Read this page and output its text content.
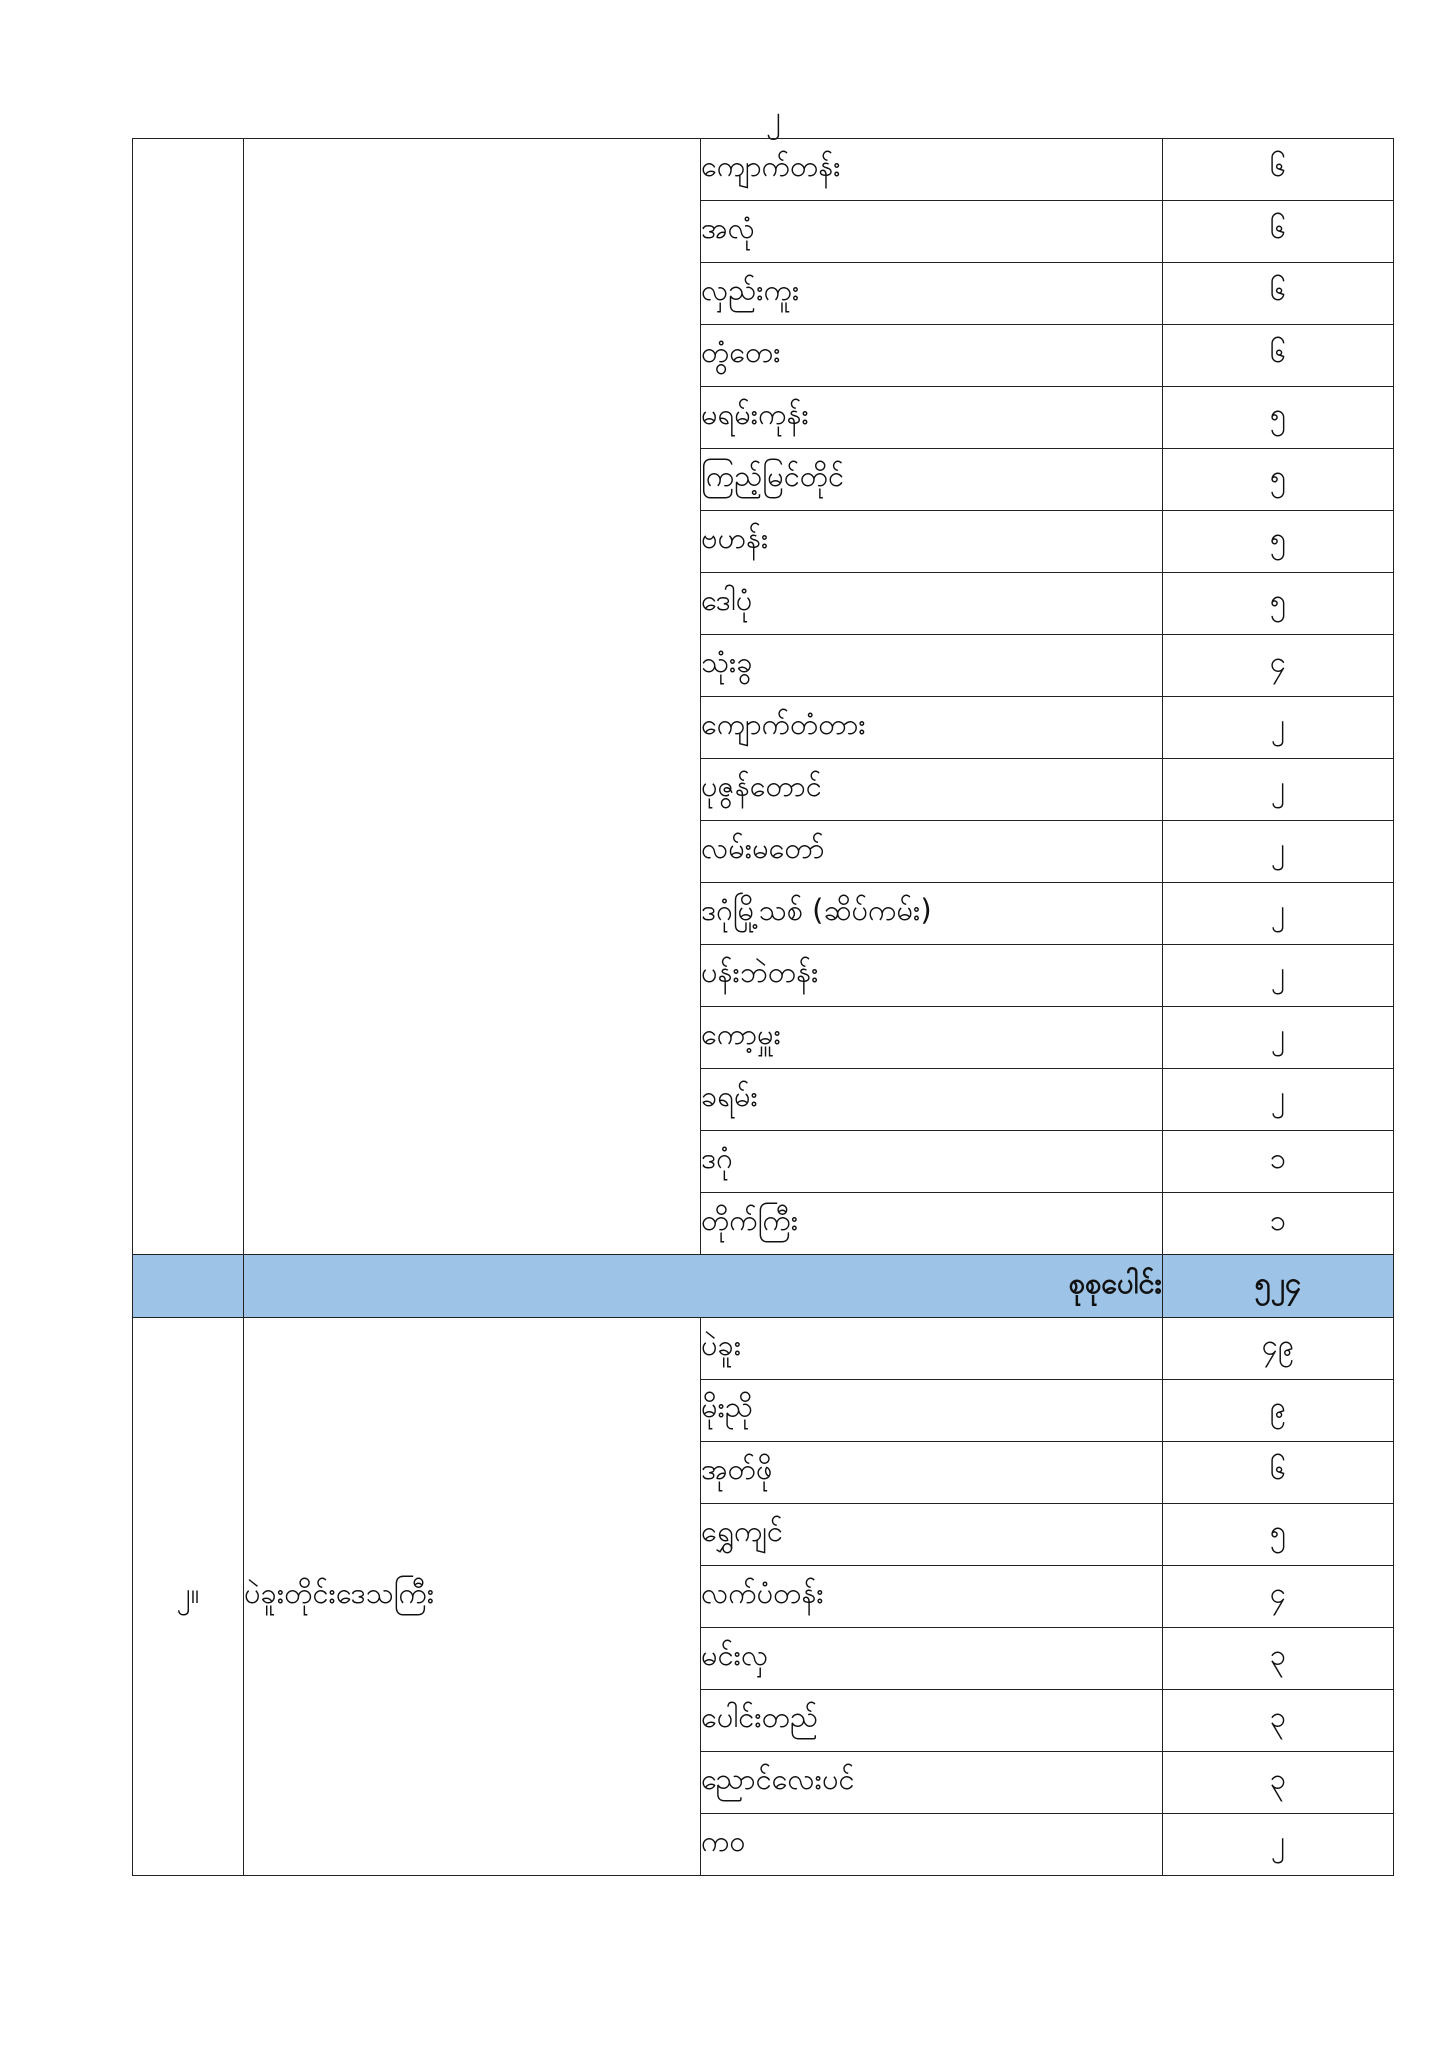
၂
		ကျောက်တန်း	၆
		အလုံ	၆
		လှည်းကူး	၆
		တွံတေး	၆
		မရမ်းကုန်း	၅
		ကြည့်မြင်တိုင်	၅
		ဗဟန်း	၅
		ဒေါပုံ	၅
		သုံးခွ	၄
		ကျောက်တံတား	၂
		ပုဇွန်တောင်	၂
		လမ်းမတော်	၂
		ဒဂုံမြို့သစ် (ဆိပ်ကမ်း)	၂
		ပန်းဘဲတန်း	၂
		ကော့မှူး	၂
		ခရမ်း	၂
		ဒဂုံ	၁
		တိုက်ကြီး	၁
	စုစုပေါင်း		၅၂၄
၂။	ပဲခူးတိုင်းဒေသကြီး	ပဲခူး	၄၉
		မိုးညို	၉
		အုတ်ဖို	၆
		ရွှေကျင်	၅
		လက်ပံတန်း	၄
		မင်းလှ	၃
		ပေါင်းတည်	၃
		ညောင်လေးပင်	၃
		ကဝ	၂
